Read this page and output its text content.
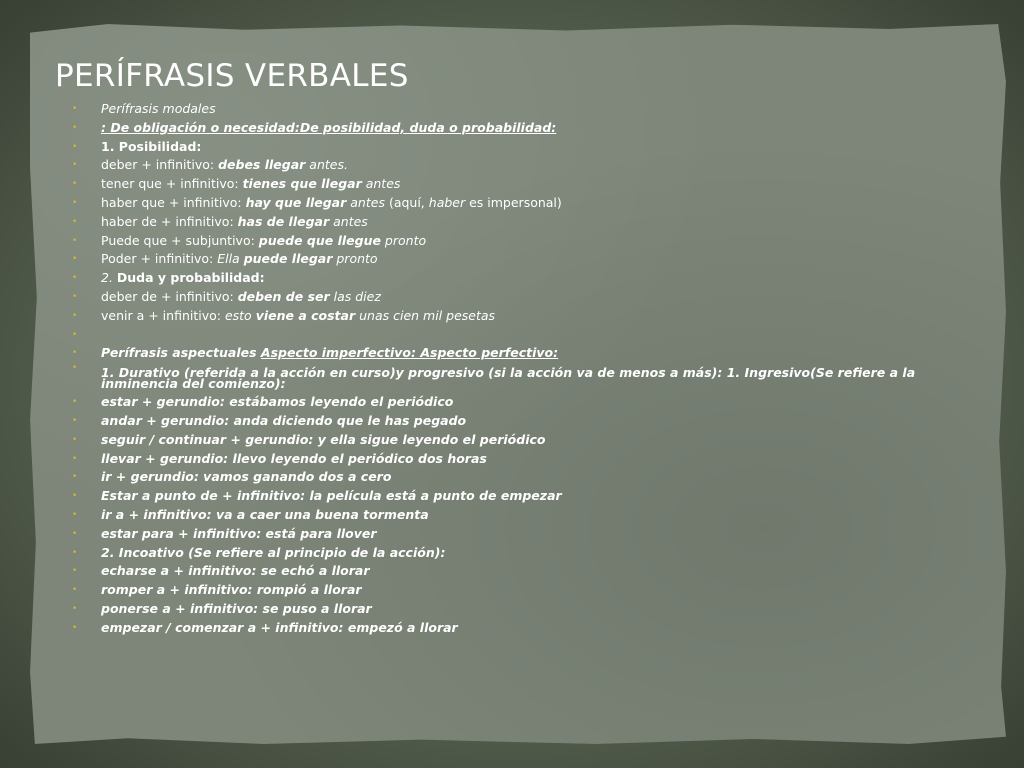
PERÍFRASIS VERBALES
• Perífrasis modales
• : De obligación o necesidad:De posibilidad, duda o probabilidad:
• 1. Posibilidad:
• deber + infinitivo: debes llegar antes.
• tener que + infinitivo: tienes que llegar antes
• haber que + infinitivo: hay que llegar antes (aquí, haber es impersonal)
• haber de + infinitivo: has de llegar antes
• Puede que + subjuntivo: puede que llegue pronto
• Poder + infinitivo: Ella puede llegar pronto
• 2. Duda y probabilidad:
• deber de + infinitivo: deben de ser las diez
• venir a + infinitivo: esto viene a costar unas cien mil pesetas
•

• Perífrasis aspectuales Aspecto imperfectivo: Aspecto perfectivo:
• 1. Durativo (referida a la acción en curso)y progresivo (si la acción va de menos a más): 1. Ingresivo(Se refiere a la inminencia del comienzo):
• estar + gerundio: estábamos leyendo el periódico
• andar + gerundio: anda diciendo que le has pegado
• seguir / continuar + gerundio: y ella sigue leyendo el periódico
• llevar + gerundio: llevo leyendo el periódico dos horas
• ir + gerundio: vamos ganando dos a cero
• Estar a punto de + infinitivo: la película está a punto de empezar
• ir a + infinitivo: va a caer una buena tormenta
• estar para + infinitivo: está para llover
• 2. Incoativo (Se refiere al principio de la acción):
• echarse a + infinitivo: se echó a llorar
• romper a + infinitivo: rompió a llorar
• ponerse a + infinitivo: se puso a llorar
• empezar / comenzar a + infinitivo: empezó a llorar
